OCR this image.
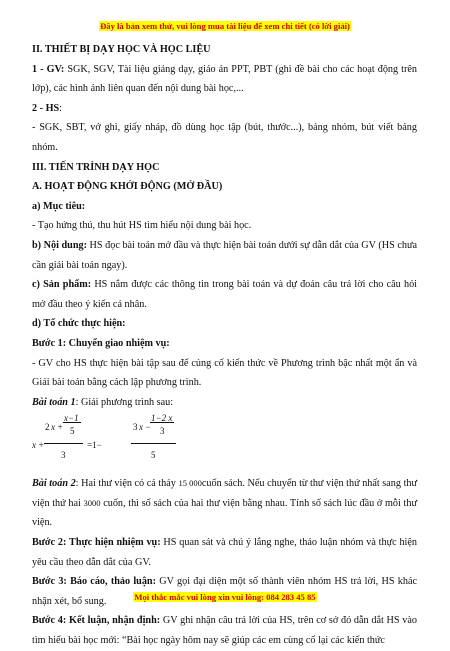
Đây là bản xem thử, vui lòng mua tài liệu để xem chi tiết (có lời giải)

II. THIẾT BỊ DẠY HỌC VÀ HỌC LIỆU

1 - GV: SGK, SGV, Tài liệu giảng dạy, giáo án PPT, PBT (ghi đề bài cho các hoạt động trên lớp), các hình ảnh liên quan đến nội dung bài học,...

2 - HS:

- SGK, SBT, vở ghi, giấy nháp, đồ dùng học tập (bút, thước...), bảng nhóm, bút viết bảng nhóm.

III. TIẾN TRÌNH DẠY HỌC

A. HOẠT ĐỘNG KHỞI ĐỘNG (MỞ ĐẦU)

a) Mục tiêu:

- Tạo hứng thú, thu hút HS tìm hiểu nội dung bài học.

b) Nội dung: HS đọc bài toán mở đầu và thực hiện bài toán dưới sự dẫn dắt của GV (HS chưa cần giải bài toán ngay).

c) Sản phẩm: HS nắm được các thông tin trong bài toán và dự đoán câu trả lời cho câu hỏi mở đầu theo ý kiến cá nhân.

d) Tổ chức thực hiện:

Bước 1: Chuyển giao nhiệm vụ:

- GV cho HS thực hiện bài tập sau để củng cố kiến thức về Phương trình bậc nhất một ẩn và Giải bài toán bằng cách lập phương trình.

Bài toán 1: Giải phương trình sau:

x +
2 x +
x−1
5
3
=1−
3 x −
1−2 x
3
5

Bài toán 2: Hai thư viện có cả thảy 15 000cuốn sách. Nếu chuyển từ thư viện thứ nhất sang thư viện thứ hai 3000 cuốn, thì số sách của hai thư viện bằng nhau. Tính số sách lúc đầu ở mỗi thư viện.

Bước 2: Thực hiện nhiệm vụ: HS quan sát và chú ý lắng nghe, thảo luận nhóm và thực hiện yêu cầu theo dẫn dắt của GV.

Bước 3: Báo cáo, thảo luận: GV gọi đại diện một số thành viên nhóm HS trả lời, HS khác nhận xét, bổ sung.

Bước 4: Kết luận, nhận định: GV ghi nhận câu trả lời của HS, trên cơ sở đó dẫn dắt HS vào tìm hiểu bài học mới: “Bài học ngày hôm nay sẽ giúp các em cùng cố lại các kiến thức

Mọi thắc mắc vui lòng xin vui lòng: 084 283 45 85
